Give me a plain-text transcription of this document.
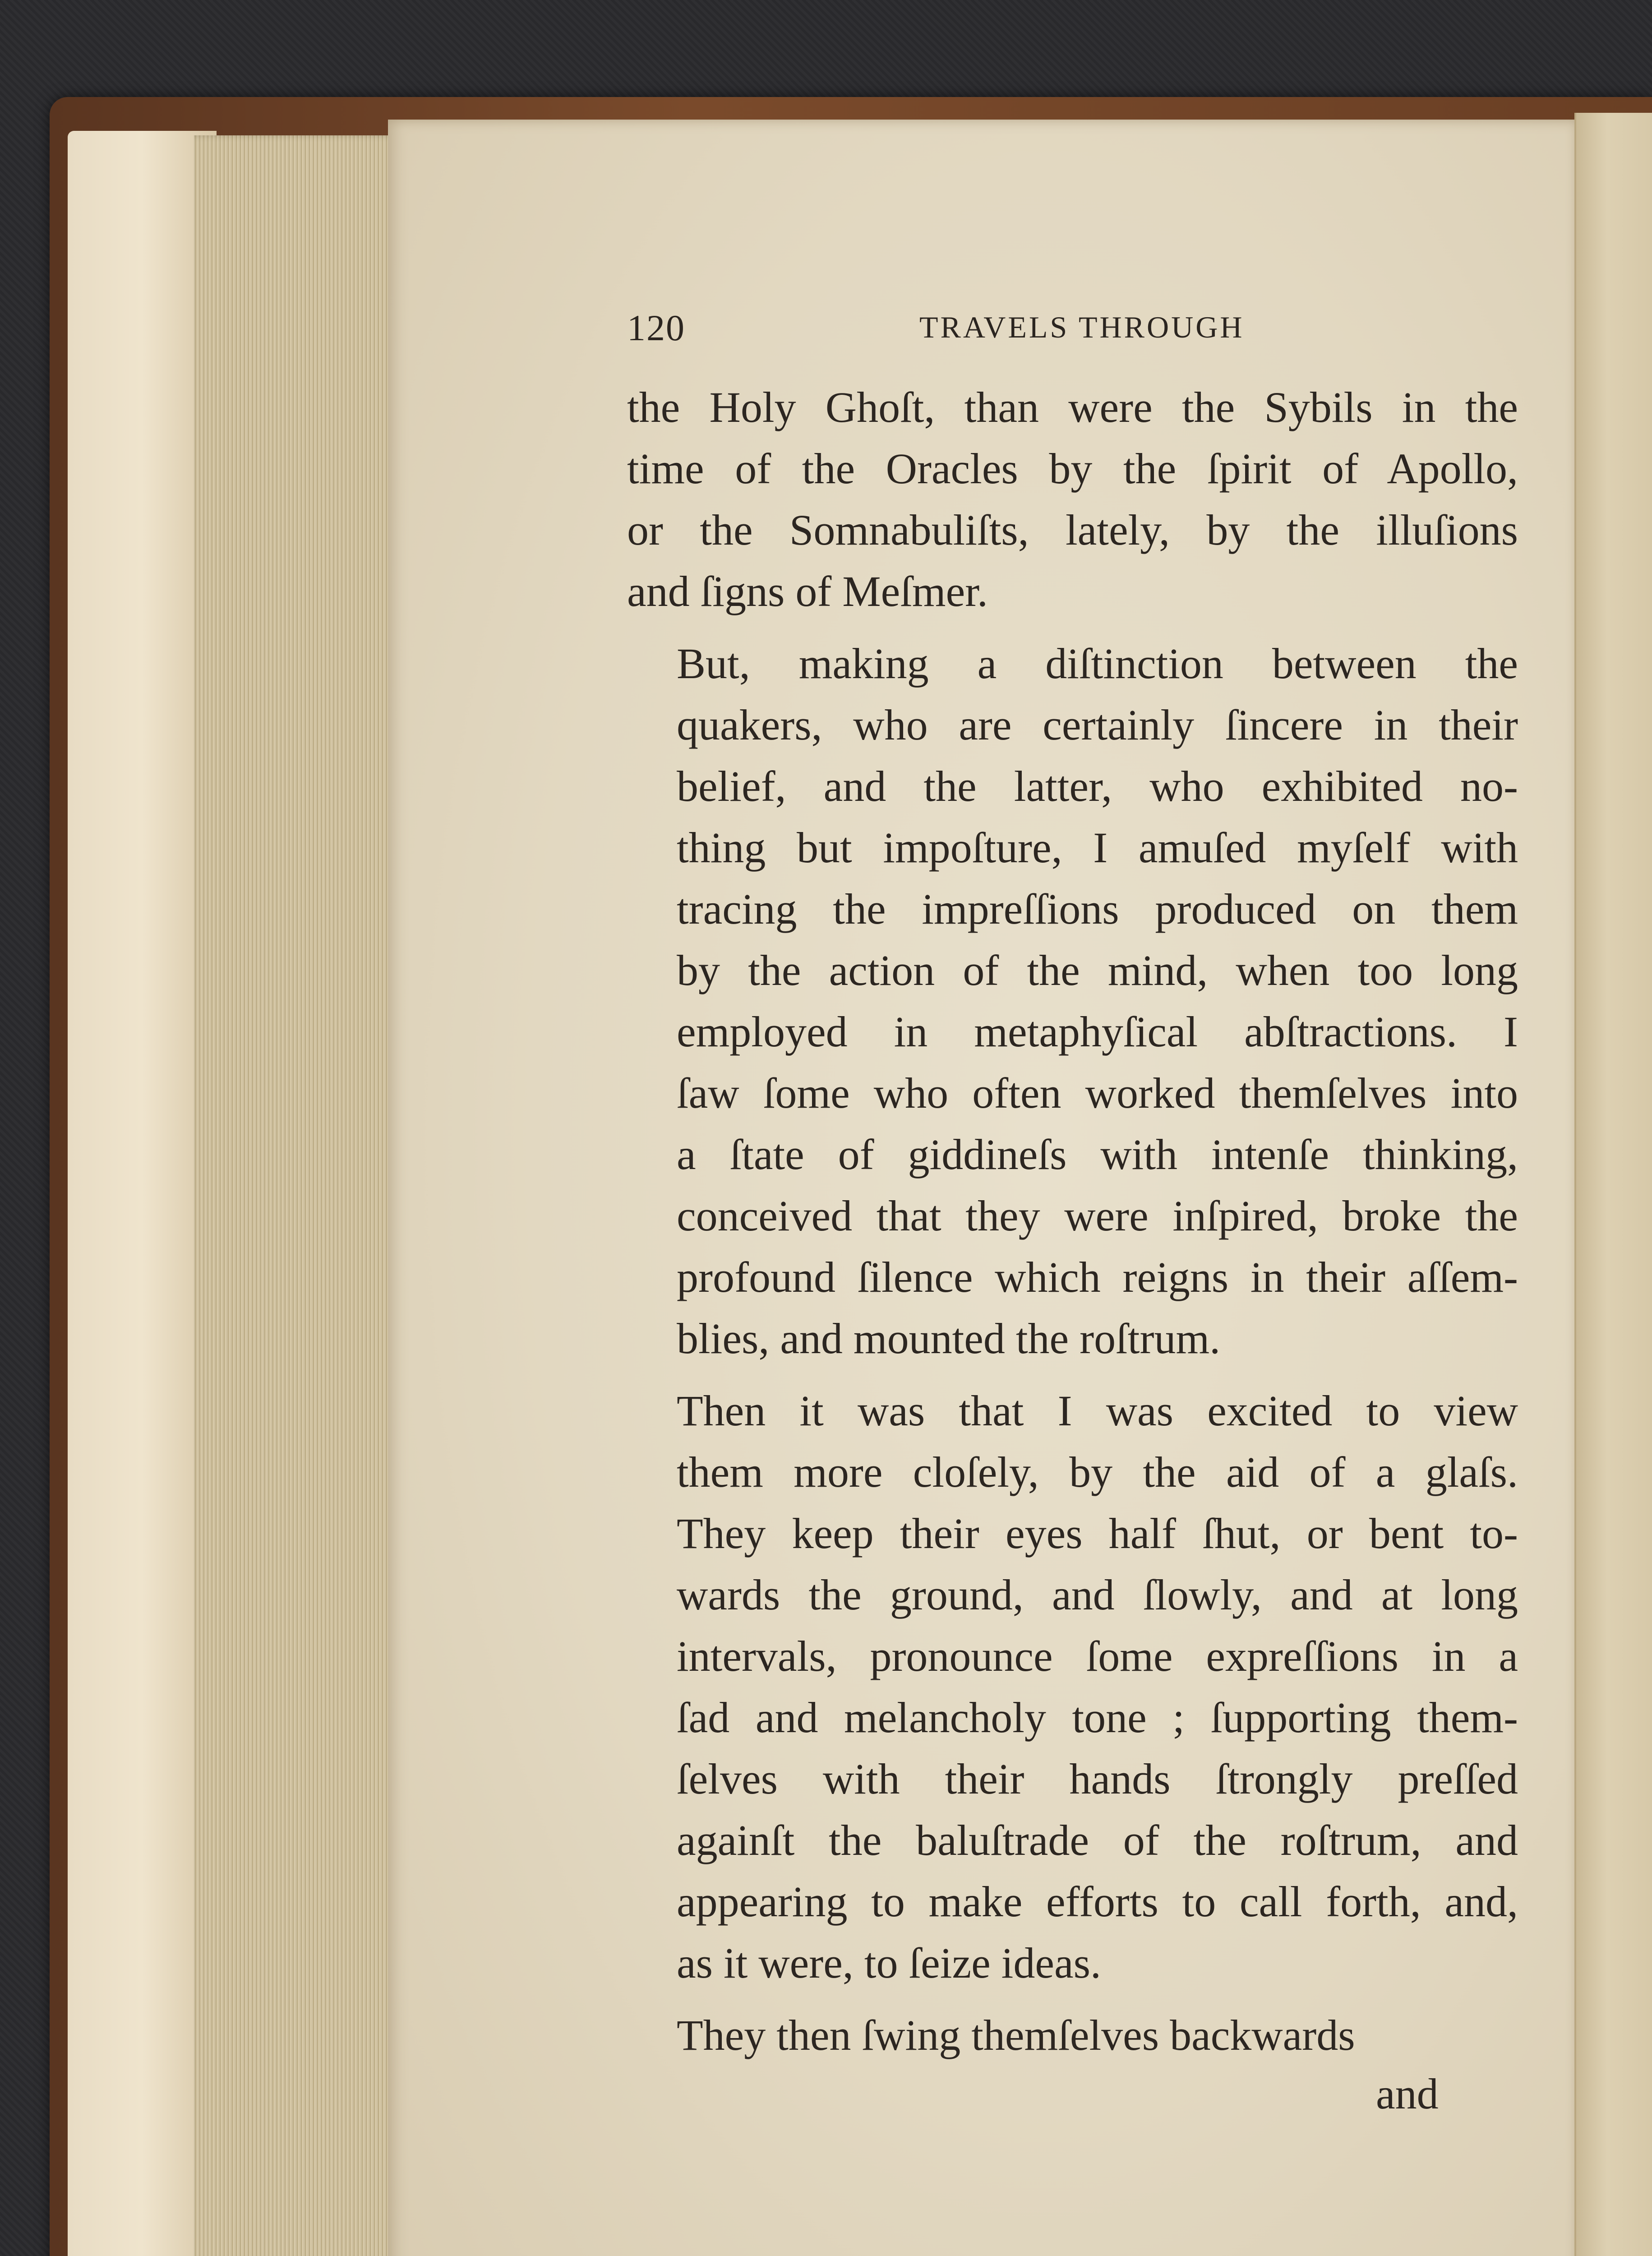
120	TRAVELS THROUGH

the Holy Ghoſt, than were the Sybils in the
time of the Oracles by the ſpirit of Apollo,
or the Somnabuliſts, lately, by the illuſions
and ſigns of Meſmer.

But, making a diſtinction between the
quakers, who are certainly ſincere in their
belief, and the latter, who exhibited no-
thing but impoſture, I amuſed myſelf with
tracing the impreſſions produced on them
by the action of the mind, when too long
employed in metaphyſical abſtractions. I
ſaw ſome who often worked themſelves into
a ſtate of giddineſs with intenſe thinking,
conceived that they were inſpired, broke the
profound ſilence which reigns in their aſſem-
blies, and mounted the roſtrum.

Then it was that I was excited to view
them more cloſely, by the aid of a glaſs.
They keep their eyes half ſhut, or bent to-
wards the ground, and ſlowly, and at long
intervals, pronounce ſome expreſſions in a
ſad and melancholy tone ; ſupporting them-
ſelves with their hands ſtrongly preſſed
againſt the baluſtrade of the roſtrum, and
appearing to make efforts to call forth, and,
as it were, to ſeize ideas.

They then ſwing themſelves backwards

and
